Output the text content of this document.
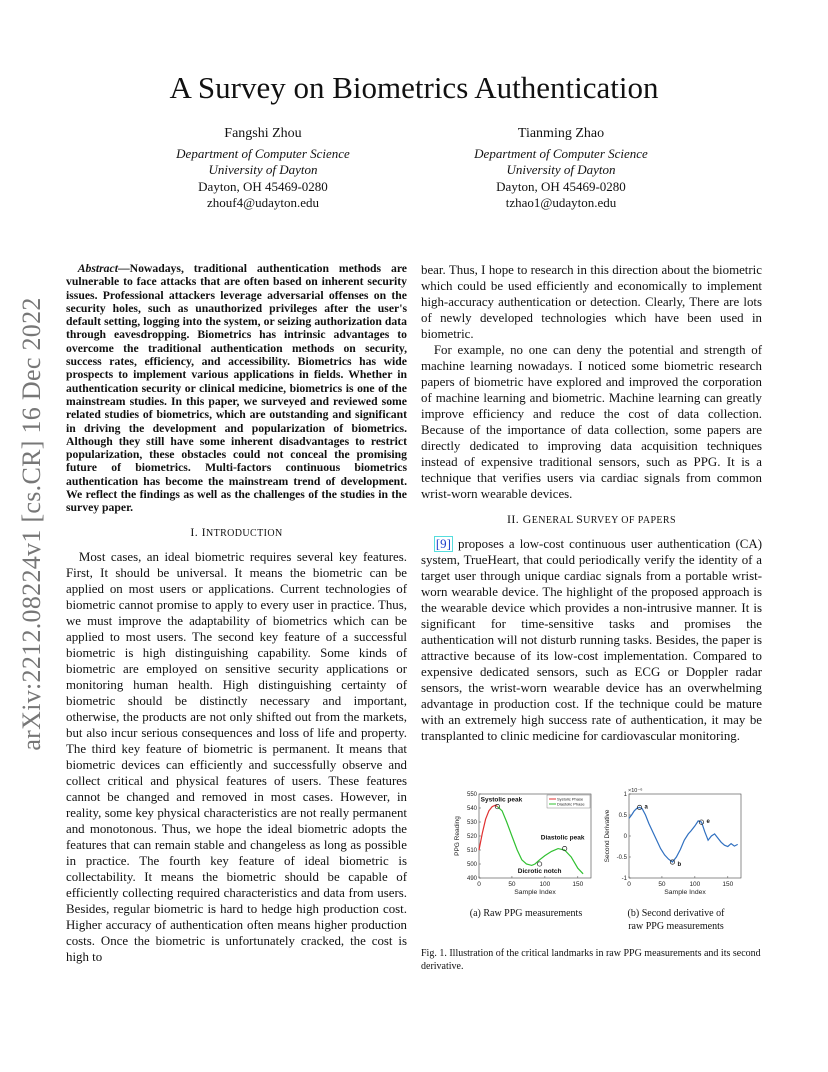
arXiv:2212.08224v1 [cs.CR] 16 Dec 2022
A Survey on Biometrics Authentication
Fangshi Zhou
Department of Computer Science
University of Dayton
Dayton, OH 45469-0280
zhouf4@udayton.edu
Tianming Zhao
Department of Computer Science
University of Dayton
Dayton, OH 45469-0280
tzhao1@udayton.edu

Abstract—Nowadays, traditional authentication methods are vulnerable to face attacks that are often based on inherent security issues. Professional attackers leverage adversarial offenses on the security holes, such as unauthorized privileges after the user's default setting, logging into the system, or seizing authorization data through eavesdropping. Biometrics has intrinsic advantages to overcome the traditional authentication methods on security, success rates, efficiency, and accessibility. Biometrics has wide prospects to implement various applications in fields. Whether in authentication security or clinical medicine, biometrics is one of the mainstream studies. In this paper, we surveyed and reviewed some related studies of biometrics, which are outstanding and significant in driving the development and popularization of biometrics. Although they still have some inherent disadvantages to restrict popularization, these obstacles could not conceal the promising future of biometrics. Multi-factors continuous biometrics authentication has become the mainstream trend of development. We reflect the findings as well as the challenges of the studies in the survey paper.

I. INTRODUCTION

Most cases, an ideal biometric requires several key features. First, It should be universal. It means the biometric can be applied on most users or applications. Current technologies of biometric cannot promise to apply to every user in practice. Thus, we must improve the adaptability of biometrics which can be applied to most users. The second key feature of a successful biometric is high distinguishing capability. Some kinds of biometric are employed on sensitive security applications or monitoring human health. High distinguishing certainty of biometric should be distinctly necessary and important, otherwise, the products are not only shifted out from the markets, but also incur serious consequences and loss of life and property. The third key feature of biometric is permanent. It means that biometric devices can efficiently and successfully observe and collect critical and physical features of users. These features cannot be changed and removed in most cases. However, in reality, some key physical characteristics are not really permanent and monotonous. Thus, we hope the ideal biometric adopts the features that can remain stable and changeless as long as possible in practice. The fourth key feature of ideal biometric is collectability. It means the biometric should be capable of efficiently collecting required characteristics and data from users. Besides, regular biometric is hard to hedge high production cost. Higher accuracy of authentication often means higher production costs. Once the biometric is unfortunately cracked, the cost is high to

bear. Thus, I hope to research in this direction about the biometric which could be used efficiently and economically to implement high-accuracy authentication or detection. Clearly, There are lots of newly developed technologies which have been used in biometric.

For example, no one can deny the potential and strength of machine learning nowadays. I noticed some biometric research papers of biometric have explored and improved the corporation of machine learning and biometric. Machine learning can greatly improve efficiency and reduce the cost of data collection. Because of the importance of data collection, some papers are directly dedicated to improving data acquisition techniques instead of expensive traditional sensors, such as PPG. It is a technique that verifies users via cardiac signals from common wrist-worn wearable devices.

II. GENERAL SURVEY OF PAPERS

[9] proposes a low-cost continuous user authentication (CA) system, TrueHeart, that could periodically verify the identity of a target user through unique cardiac signals from a portable wrist-worn wearable device. The highlight of the proposed approach is the wearable device which provides a non-intrusive manner. It is significant for time-sensitive tasks and promises the authentication will not disturb running tasks. Besides, the paper is attractive because of its low-cost implementation. Compared to expensive dedicated sensors, such as ECG or Doppler radar sensors, the wrist-worn wearable device has an overwhelming advantage in production cost. If the technique could be mature with an extremely high success rate of authentication, it may be transplanted to clinic medicine for cardiovascular monitoring.

0	50	100	150
490
500
510
520
530
540
550
Sample Index
PPG Reading
Systolic Phase
Diastolic Phase
Systolic peak
Diastolic peak
Dicrotic notch
0	50	100	150
-1
-0.5
0
0.5
1
Sample Index
Second Derivative
×10⁻⁶
a
b
e
(a) Raw PPG measurements	(b) Second derivative of
raw PPG measurements
Fig. 1. Illustration of the critical landmarks in raw PPG measurements and its second derivative.
